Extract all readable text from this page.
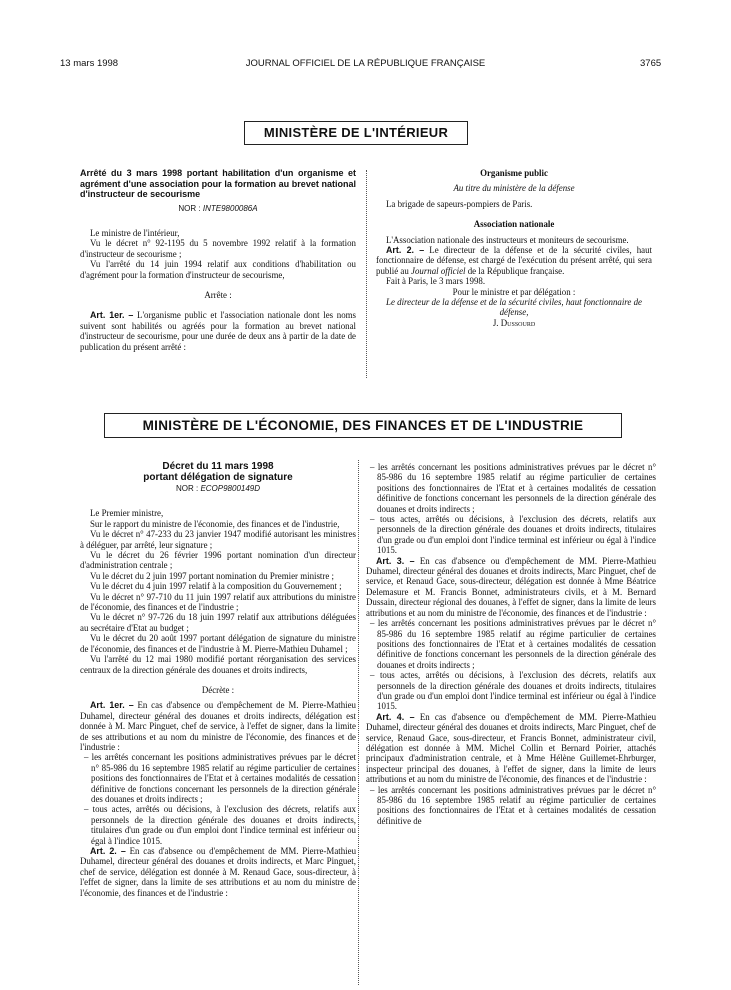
13 mars 1998	JOURNAL OFFICIEL DE LA RÉPUBLIQUE FRANÇAISE	3765
MINISTÈRE DE L'INTÉRIEUR

Arrêté du 3 mars 1998 portant habilitation d'un organisme et agrément d'une association pour la formation au brevet national d'instructeur de secourisme

NOR : INTE9800086A

Le ministre de l'intérieur,

Vu le décret n° 92-1195 du 5 novembre 1992 relatif à la formation d'instructeur de secourisme ;

Vu l'arrêté du 14 juin 1994 relatif aux conditions d'habilitation ou d'agrément pour la formation d'instructeur de secourisme,

Arrête :

Art. 1er. – L'organisme public et l'association nationale dont les noms suivent sont habilités ou agréés pour la formation au brevet national d'instructeur de secourisme, pour une durée de deux ans à partir de la date de publication du présent arrêté :

Organisme public

Au titre du ministère de la défense

La brigade de sapeurs-pompiers de Paris.

Association nationale

L'Association nationale des instructeurs et moniteurs de secourisme.

Art. 2. – Le directeur de la défense et de la sécurité civiles, haut fonctionnaire de défense, est chargé de l'exécution du présent arrêté, qui sera publié au Journal officiel de la République française.

Fait à Paris, le 3 mars 1998.

Pour le ministre et par délégation :

Le directeur de la défense et de la sécurité civiles, haut fonctionnaire de défense,

J. Dussourd

MINISTÈRE DE L'ÉCONOMIE, DES FINANCES ET DE L'INDUSTRIE

Décret du 11 mars 1998

portant délégation de signature

NOR : ECOP9800149D

Le Premier ministre,

Sur le rapport du ministre de l'économie, des finances et de l'industrie,

Vu le décret n° 47-233 du 23 janvier 1947 modifié autorisant les ministres à déléguer, par arrêté, leur signature ;

Vu le décret du 26 février 1996 portant nomination d'un directeur d'administration centrale ;

Vu le décret du 2 juin 1997 portant nomination du Premier ministre ;

Vu le décret du 4 juin 1997 relatif à la composition du Gouvernement ;

Vu le décret n° 97-710 du 11 juin 1997 relatif aux attributions du ministre de l'économie, des finances et de l'industrie ;

Vu le décret n° 97-726 du 18 juin 1997 relatif aux attributions déléguées au secrétaire d'Etat au budget ;

Vu le décret du 20 août 1997 portant délégation de signature du ministre de l'économie, des finances et de l'industrie à M. Pierre-Mathieu Duhamel ;

Vu l'arrêté du 12 mai 1980 modifié portant réorganisation des services centraux de la direction générale des douanes et droits indirects,

Décrète :

Art. 1er. – En cas d'absence ou d'empêchement de M. Pierre-Mathieu Duhamel, directeur général des douanes et droits indirects, délégation est donnée à M. Marc Pinguet, chef de service, à l'effet de signer, dans la limite de ses attributions et au nom du ministre de l'économie, des finances et de l'industrie :

– les arrêtés concernant les positions administratives prévues par le décret n° 85-986 du 16 septembre 1985 relatif au régime particulier de certaines positions des fonctionnaires de l'Etat et à certaines modalités de cessation définitive de fonctions concernant les personnels de la direction générale des douanes et droits indirects ;

– tous actes, arrêtés ou décisions, à l'exclusion des décrets, relatifs aux personnels de la direction générale des douanes et droits indirects, titulaires d'un grade ou d'un emploi dont l'indice terminal est inférieur ou égal à l'indice 1015.

Art. 2. – En cas d'absence ou d'empêchement de MM. Pierre-Mathieu Duhamel, directeur général des douanes et droits indirects, et Marc Pinguet, chef de service, délégation est donnée à M. Renaud Gace, sous-directeur, à l'effet de signer, dans la limite de ses attributions et au nom du ministre de l'économie, des finances et de l'industrie :

– les arrêtés concernant les positions administratives prévues par le décret n° 85-986 du 16 septembre 1985 relatif au régime particulier de certaines positions des fonctionnaires de l'Etat et à certaines modalités de cessation définitive de fonctions concernant les personnels de la direction générale des douanes et droits indirects ;

– tous actes, arrêtés ou décisions, à l'exclusion des décrets, relatifs aux personnels de la direction générale des douanes et droits indirects, titulaires d'un grade ou d'un emploi dont l'indice terminal est inférieur ou égal à l'indice 1015.

Art. 3. – En cas d'absence ou d'empêchement de MM. Pierre-Mathieu Duhamel, directeur général des douanes et droits indirects, Marc Pinguet, chef de service, et Renaud Gace, sous-directeur, délégation est donnée à Mme Béatrice Delemasure et M. Francis Bonnet, administrateurs civils, et à M. Bernard Dussain, directeur régional des douanes, à l'effet de signer, dans la limite de leurs attributions et au nom du ministre de l'économie, des finances et de l'industrie :

– les arrêtés concernant les positions administratives prévues par le décret n° 85-986 du 16 septembre 1985 relatif au régime particulier de certaines positions des fonctionnaires de l'Etat et à certaines modalités de cessation définitive de fonctions concernant les personnels de la direction générale des douanes et droits indirects ;

– tous actes, arrêtés ou décisions, à l'exclusion des décrets, relatifs aux personnels de la direction générale des douanes et droits indirects, titulaires d'un grade ou d'un emploi dont l'indice terminal est inférieur ou égal à l'indice 1015.

Art. 4. – En cas d'absence ou d'empêchement de MM. Pierre-Mathieu Duhamel, directeur général des douanes et droits indirects, Marc Pinguet, chef de service, Renaud Gace, sous-directeur, et Francis Bonnet, administrateur civil, délégation est donnée à MM. Michel Collin et Bernard Poirier, attachés principaux d'administration centrale, et à Mme Hélène Guillemet-Ehrburger, inspecteur principal des douanes, à l'effet de signer, dans la limite de leurs attributions et au nom du ministre de l'économie, des finances et de l'industrie :

– les arrêtés concernant les positions administratives prévues par le décret n° 85-986 du 16 septembre 1985 relatif au régime particulier de certaines positions des fonctionnaires de l'Etat et à certaines modalités de cessation définitive de
